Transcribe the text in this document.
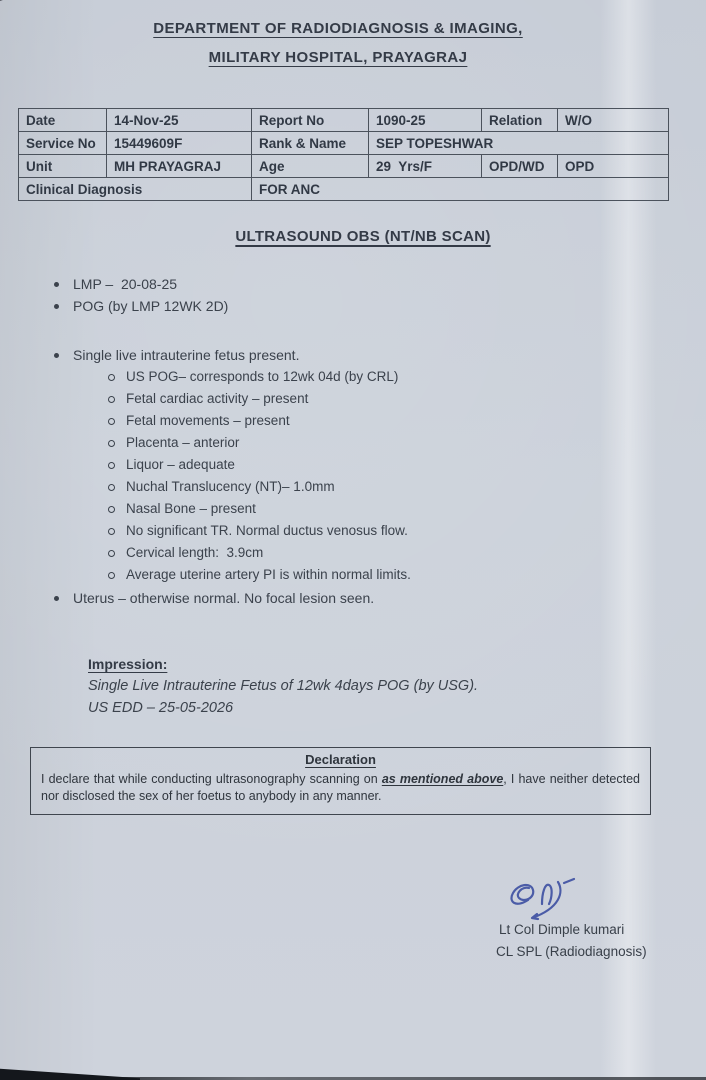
DEPARTMENT OF RADIODIAGNOSIS & IMAGING,
MILITARY HOSPITAL, PRAYAGRAJ
Date	14-Nov-25	Report No	1090-25	Relation	W/O
Service No	15449609F	Rank & Name	SEP TOPESHWAR		
Unit	MH PRAYAGRAJ	Age	29  Yrs/F	OPD/WD	OPD
Clinical Diagnosis		FOR ANC			
ULTRASOUND OBS (NT/NB SCAN)
LMP –  20-08-25
POG (by LMP 12WK 2D)
Single live intrauterine fetus present.
US POG– corresponds to 12wk 04d (by CRL)
Fetal cardiac activity – present
Fetal movements – present
Placenta – anterior
Liquor – adequate
Nuchal Translucency (NT)– 1.0mm
Nasal Bone – present
No significant TR. Normal ductus venosus flow.
Cervical length:  3.9cm
Average uterine artery PI is within normal limits.
Uterus – otherwise normal. No focal lesion seen.
Impression:
Single Live Intrauterine Fetus of 12wk 4days POG (by USG).
US EDD – 25-05-2026
Declaration
I declare that while conducting ultrasonography scanning on as mentioned above, I have neither detected nor disclosed the sex of her foetus to anybody in any manner.
Lt Col Dimple kumari
CL SPL (Radiodiagnosis)
